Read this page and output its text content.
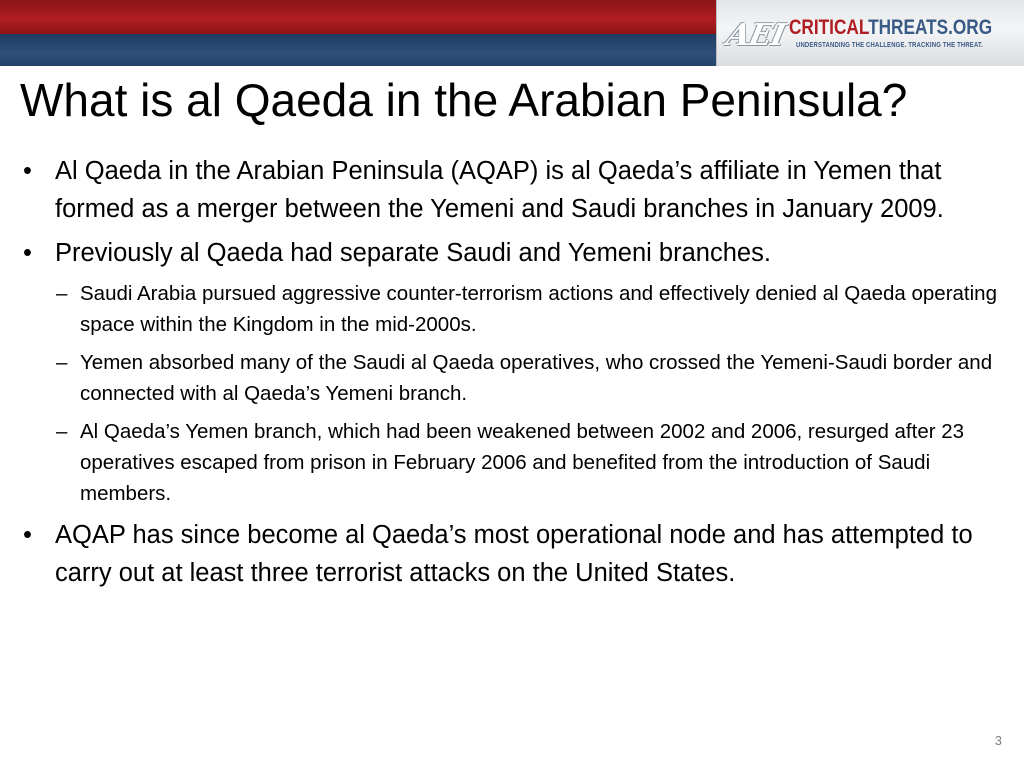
AEI CRITICALTHREATS.ORG
UNDERSTANDING THE CHALLENGE. TRACKING THE THREAT.
What is al Qaeda in the Arabian Peninsula?
• Al Qaeda in the Arabian Peninsula (AQAP) is al Qaeda’s affiliate in Yemen that formed as a merger between the Yemeni and Saudi branches in January 2009.
• Previously al Qaeda had separate Saudi and Yemeni branches.
– Saudi Arabia pursued aggressive counter-terrorism actions and effectively denied al Qaeda operating space within the Kingdom in the mid-2000s.
– Yemen absorbed many of the Saudi al Qaeda operatives, who crossed the Yemeni-Saudi border and connected with al Qaeda’s Yemeni branch.
– Al Qaeda’s Yemen branch, which had been weakened between 2002 and 2006, resurged after 23 operatives escaped from prison in February 2006 and benefited from the introduction of Saudi members.
• AQAP has since become al Qaeda’s most operational node and has attempted to carry out at least three terrorist attacks on the United States.
3
